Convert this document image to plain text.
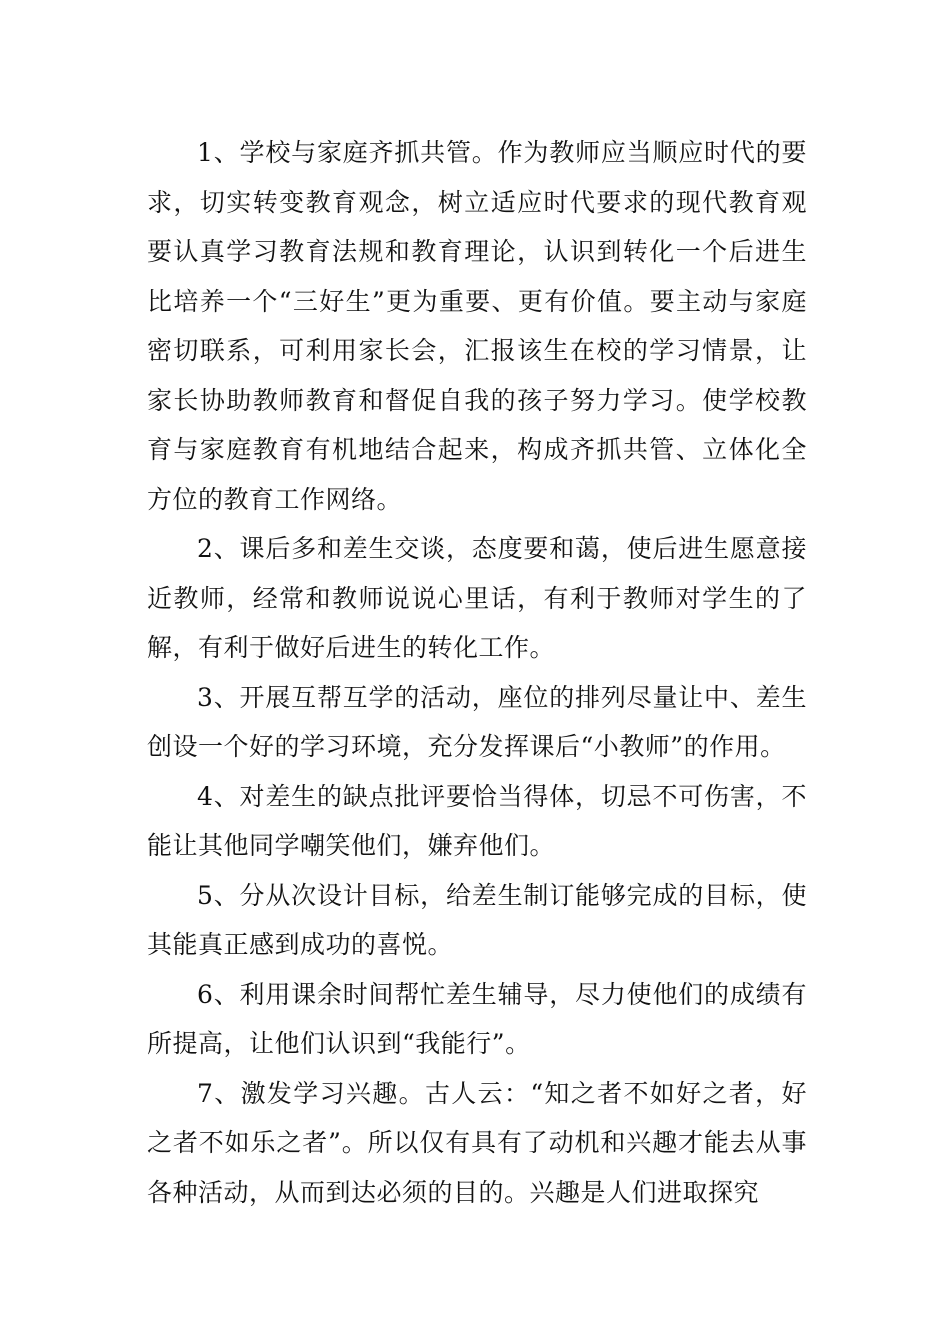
1、学校与家庭齐抓共管。作为教师应当顺应时代的要求，切实转变教育观念，树立适应时代要求的现代教育观要认真学习教育法规和教育理论，认识到转化一个后进生比培养一个“三好生”更为重要、更有价值。要主动与家庭密切联系，可利用家长会，汇报该生在校的学习情景，让家长协助教师教育和督促自我的孩子努力学习。使学校教育与家庭教育有机地结合起来，构成齐抓共管、立体化全方位的教育工作网络。

2、课后多和差生交谈，态度要和蔼，使后进生愿意接近教师，经常和教师说说心里话，有利于教师对学生的了解，有利于做好后进生的转化工作。

3、开展互帮互学的活动，座位的排列尽量让中、差生创设一个好的学习环境，充分发挥课后“小教师”的作用。

4、对差生的缺点批评要恰当得体，切忌不可伤害，不能让其他同学嘲笑他们，嫌弃他们。

5、分从次设计目标，给差生制订能够完成的目标，使其能真正感到成功的喜悦。

6、利用课余时间帮忙差生辅导，尽力使他们的成绩有所提高，让他们认识到“我能行”。

7、激发学习兴趣。古人云：“知之者不如好之者，好之者不如乐之者”。所以仅有具有了动机和兴趣才能去从事各种活动，从而到达必须的目的。兴趣是人们进取探究
